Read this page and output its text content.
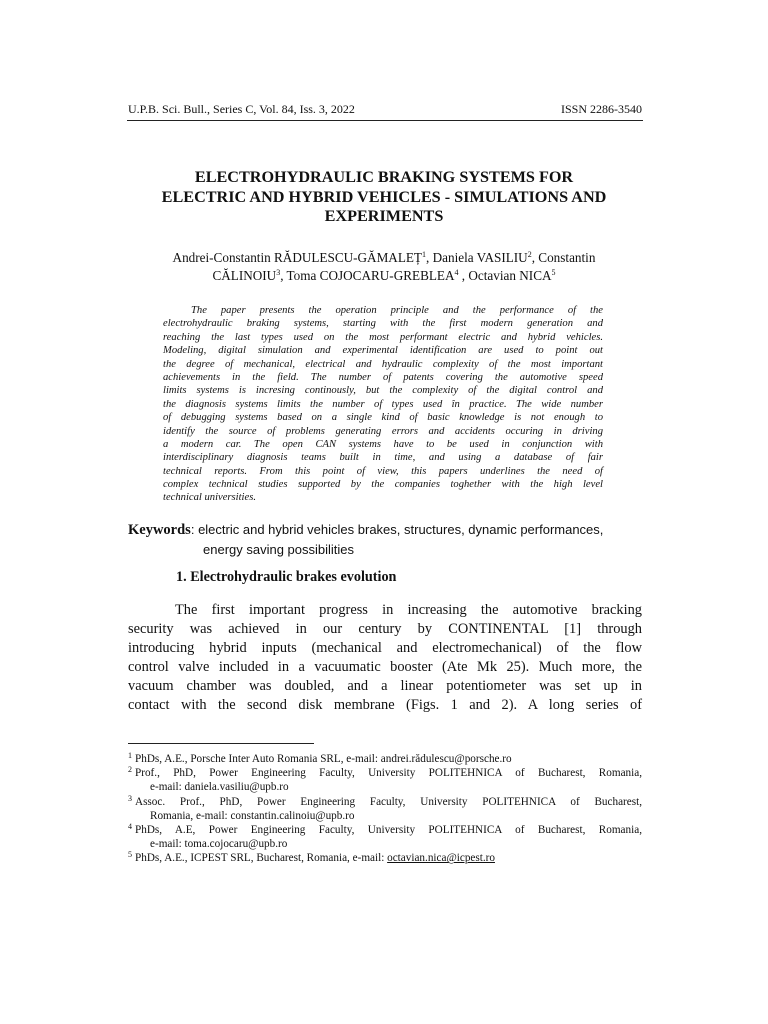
U.P.B. Sci. Bull., Series C, Vol. 84, Iss. 3, 2022	ISSN 2286-3540
ELECTROHYDRAULIC BRAKING SYSTEMS FOR
ELECTRIC AND HYBRID VEHICLES - SIMULATIONS AND
EXPERIMENTS
Andrei-Constantin RĂDULESCU-GĂMALEȚ$^1$, Daniela VASILIU$^2$, Constantin
CĂLINOIU$^3$, Toma COJOCARU-GREBLEA$^4$ , Octavian NICA$^5$
The paper presents the operation principle and the performance of the
electrohydraulic braking systems, starting with the first modern generation and
reaching the last types used on the most performant electric and hybrid vehicles.
Modeling, digital simulation and experimental identification are used to point out
the degree of mechanical, electrical and hydraulic complexity of the most important
achievements in the field. The number of patents covering the automotive speed
limits systems is incresing continously, but the complexity of the digital control and
the diagnosis systems limits the number of types used în practice. The wide number
of debugging systems based on a single kind of basic knowledge is not enough to
identify the source of problems generating errors and accidents occuring in driving
a modern car. The open CAN systems have to be used in conjunction with
interdisciplinary diagnosis teams built in time, and using a database of fair
technical reports. From this point of view, this papers underlines the need of
complex technical studies supported by the companies toghether with the high level
technical universities.
Keywords: electric and hybrid vehicles brakes, structures, dynamic performances,
energy saving possibilities
1. Electrohydraulic brakes evolution
The first important progress in increasing the automotive bracking
security was achieved in our century by CONTINENTAL [1] through
introducing hybrid inputs (mechanical and electromechanical) of the flow
control valve included in a vacuumatic booster (Ate Mk 25). Much more, the
vacuum chamber was doubled, and a linear potentiometer was set up in
contact with the second disk membrane (Figs. 1 and 2). A long series of
$^1$ PhDs, A.E., Porsche Inter Auto Romania SRL, e-mail: andrei.rădulescu@porsche.ro
$^2$ Prof., PhD, Power Engineering Faculty, University POLITEHNICA of Bucharest, Romania,
e-mail: daniela.vasiliu@upb.ro
$^3$ Assoc. Prof., PhD, Power Engineering Faculty, University POLITEHNICA of Bucharest,
Romania, e-mail: constantin.calinoiu@upb.ro
$^4$ PhDs, A.E, Power Engineering Faculty, University POLITEHNICA of Bucharest, Romania,
e-mail: toma.cojocaru@upb.ro
$^5$ PhDs, A.E., ICPEST SRL, Bucharest, Romania, e-mail: octavian.nica@icpest.ro
